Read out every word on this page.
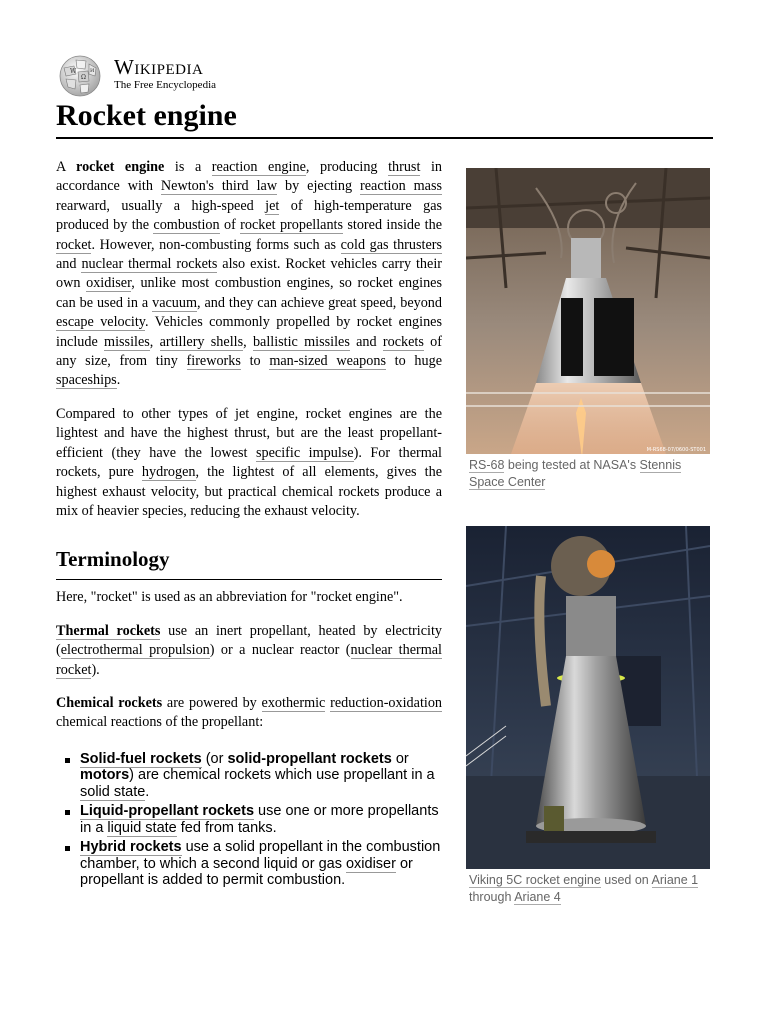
W
Ω
И Wikipedia
The Free Encyclopedia
Rocket engine

A rocket engine is a reaction engine, producing thrust in accordance with Newton's third law by ejecting reaction mass rearward, usually a high-speed jet of high-temperature gas produced by the combustion of rocket propellants stored inside the rocket. However, non-combusting forms such as cold gas thrusters and nuclear thermal rockets also exist. Rocket vehicles carry their own oxidiser, unlike most combustion engines, so rocket engines can be used in a vacuum, and they can achieve great speed, beyond escape velocity. Vehicles commonly propelled by rocket engines include missiles, artillery shells, ballistic missiles and rockets of any size, from tiny fireworks to man-sized weapons to huge spaceships.

Compared to other types of jet engine, rocket engines are the lightest and have the highest thrust, but are the least propellant-efficient (they have the lowest specific impulse). For thermal rockets, pure hydrogen, the lightest of all elements, gives the highest exhaust velocity, but practical chemical rockets produce a mix of heavier species, reducing the exhaust velocity.

Terminology

Here, "rocket" is used as an abbreviation for "rocket engine".

Thermal rockets use an inert propellant, heated by electricity (electrothermal propulsion) or a nuclear reactor (nuclear thermal rocket).

Chemical rockets are powered by exothermic reduction-oxidation chemical reactions of the propellant:

Solid-fuel rockets (or solid-propellant rockets or motors) are chemical rockets which use propellant in a solid state.
Liquid-propellant rockets use one or more propellants in a liquid state fed from tanks.
Hybrid rockets use a solid propellant in the combustion chamber, to which a second liquid or gas oxidiser or propellant is added to permit combustion.
M-RS68-07/0600-ST001
RS-68 being tested at NASA's Stennis Space Center
Viking 5C rocket engine used on Ariane 1 through Ariane 4
